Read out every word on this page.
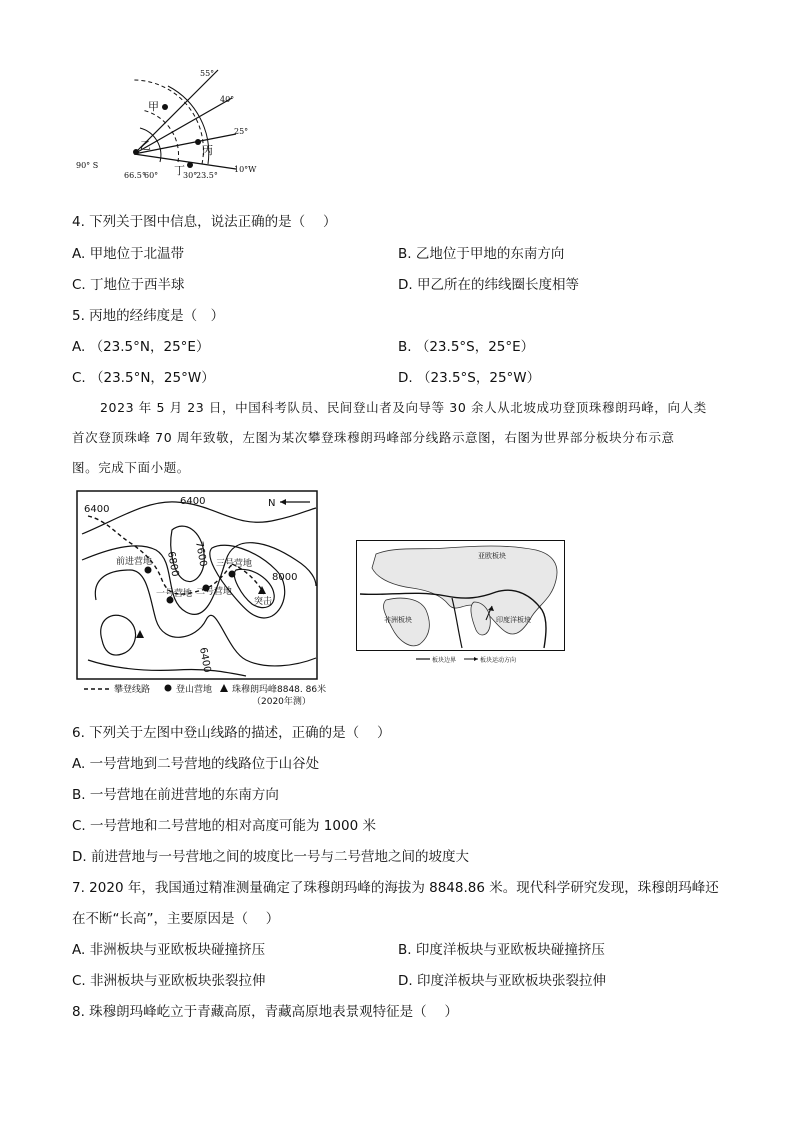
55°
40°
25°
10°W
90° S
66.5°
60°	30°
23.5°
甲
乙	丙
丁
4. 下列关于图中信息，说法正确的是（　 ）
A. 甲地位于北温带	B. 乙地位于甲地的东南方向
C. 丁地位于西半球	D. 甲乙所在的纬线圈长度相等
5. 丙地的经纬度是（　）
A. （23.5°N，25°E）	B. （23.5°S，25°E）
C. （23.5°N，25°W）	D. （23.5°S，25°W）
2023 年 5 月 23 日，中国科考队员、民间登山者及向导等 30 余人从北坡成功登顶珠穆朗玛峰，向人类
首次登顶珠峰 70 周年致敬，左图为某次攀登珠穆朗玛峰部分线路示意图，右图为世界部分板块分布示意
图。完成下面小题。
6400
6400
6800 7600
8000
6400
N
前进营地
一号营地 二号营地
三号营地
突击
攀登线路	登山营地 珠穆朗玛峰8848. 86米
（2020年测）
亚欧板块
非洲板块	印度洋板块
板块边界	板块运动方向
6. 下列关于左图中登山线路的描述，正确的是（　 ）
A. 一号营地到二号营地的线路位于山谷处
B. 一号营地在前进营地的东南方向
C. 一号营地和二号营地的相对高度可能为 1000 米
D. 前进营地与一号营地之间的坡度比一号与二号营地之间的坡度大
7. 2020 年，我国通过精准测量确定了珠穆朗玛峰的海拔为 8848.86 米。现代科学研究发现，珠穆朗玛峰还
在不断“长高”，主要原因是（　 ）
A. 非洲板块与亚欧板块碰撞挤压	B. 印度洋板块与亚欧板块碰撞挤压
C. 非洲板块与亚欧板块张裂拉伸	D. 印度洋板块与亚欧板块张裂拉伸
8. 珠穆朗玛峰屹立于青藏高原，青藏高原地表景观特征是（　 ）
